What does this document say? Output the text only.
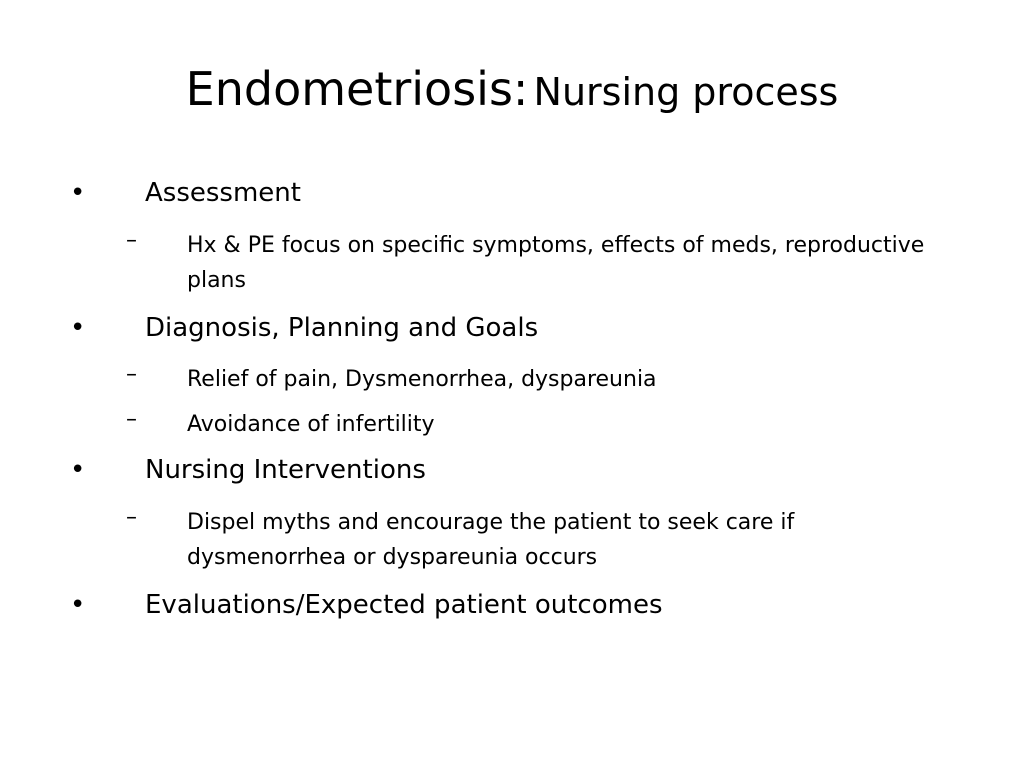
Endometriosis: Nursing process
• Assessment
– Hx & PE focus on specific symptoms, effects of meds, reproductive plans
• Diagnosis, Planning and Goals
– Relief of pain, Dysmenorrhea, dyspareunia
– Avoidance of infertility
• Nursing Interventions
– Dispel myths and encourage the patient to seek care if dysmenorrhea or dyspareunia occurs
• Evaluations/Expected patient outcomes
